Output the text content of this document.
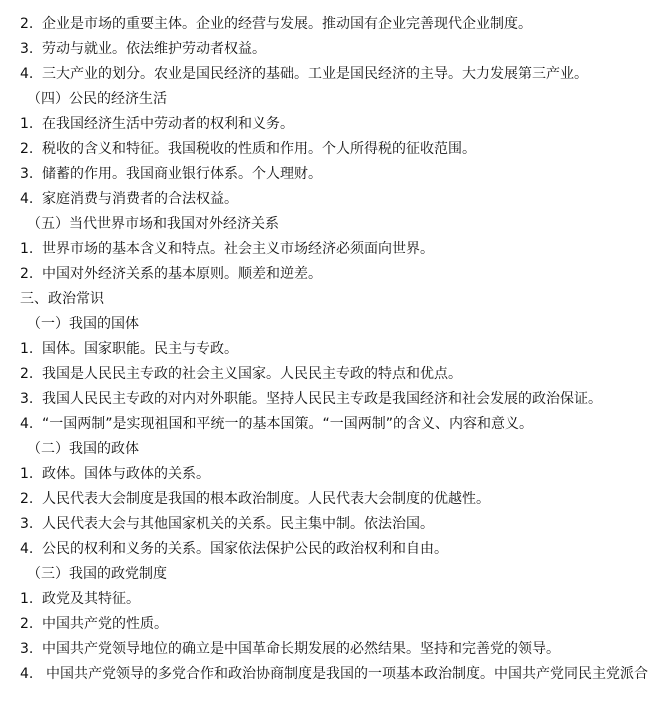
2. 企业是市场的重要主体。企业的经营与发展。推动国有企业完善现代企业制度。
3. 劳动与就业。依法维护劳动者权益。
4. 三大产业的划分。农业是国民经济的基础。工业是国民经济的主导。大力发展第三产业。
（四）公民的经济生活
1. 在我国经济生活中劳动者的权利和义务。
2. 税收的含义和特征。我国税收的性质和作用。个人所得税的征收范围。
3. 储蓄的作用。我国商业银行体系。个人理财。
4. 家庭消费与消费者的合法权益。
（五）当代世界市场和我国对外经济关系
1. 世界市场的基本含义和特点。社会主义市场经济必须面向世界。
2. 中国对外经济关系的基本原则。顺差和逆差。
三、政治常识
（一）我国的国体
1. 国体。国家职能。民主与专政。
2. 我国是人民民主专政的社会主义国家。人民民主专政的特点和优点。
3. 我国人民民主专政的对内对外职能。坚持人民民主专政是我国经济和社会发展的政治保证。
4. “一国两制”是实现祖国和平统一的基本国策。“一国两制”的含义、内容和意义。
（二）我国的政体
1. 政体。国体与政体的关系。
2. 人民代表大会制度是我国的根本政治制度。人民代表大会制度的优越性。
3. 人民代表大会与其他国家机关的关系。民主集中制。依法治国。
4. 公民的权利和义务的关系。国家依法保护公民的政治权利和自由。
（三）我国的政党制度
1. 政党及其特征。
2. 中国共产党的性质。
3. 中国共产党领导地位的确立是中国革命长期发展的必然结果。坚持和完善党的领导。
4. 中国共产党领导的多党合作和政治协商制度是我国的一项基本政治制度。中国共产党同民主党派合
